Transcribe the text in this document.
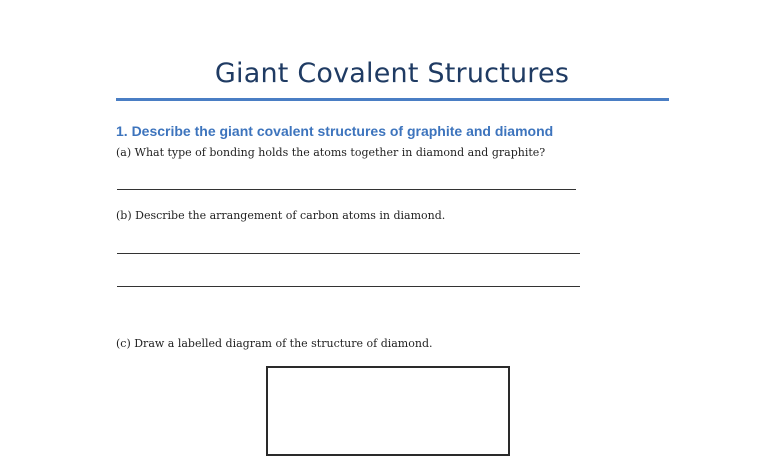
Giant Covalent Structures
1. Describe the giant covalent structures of graphite and diamond

(a) What type of bonding holds the atoms together in diamond and graphite?

(b) Describe the arrangement of carbon atoms in diamond.

(c) Draw a labelled diagram of the structure of diamond.
